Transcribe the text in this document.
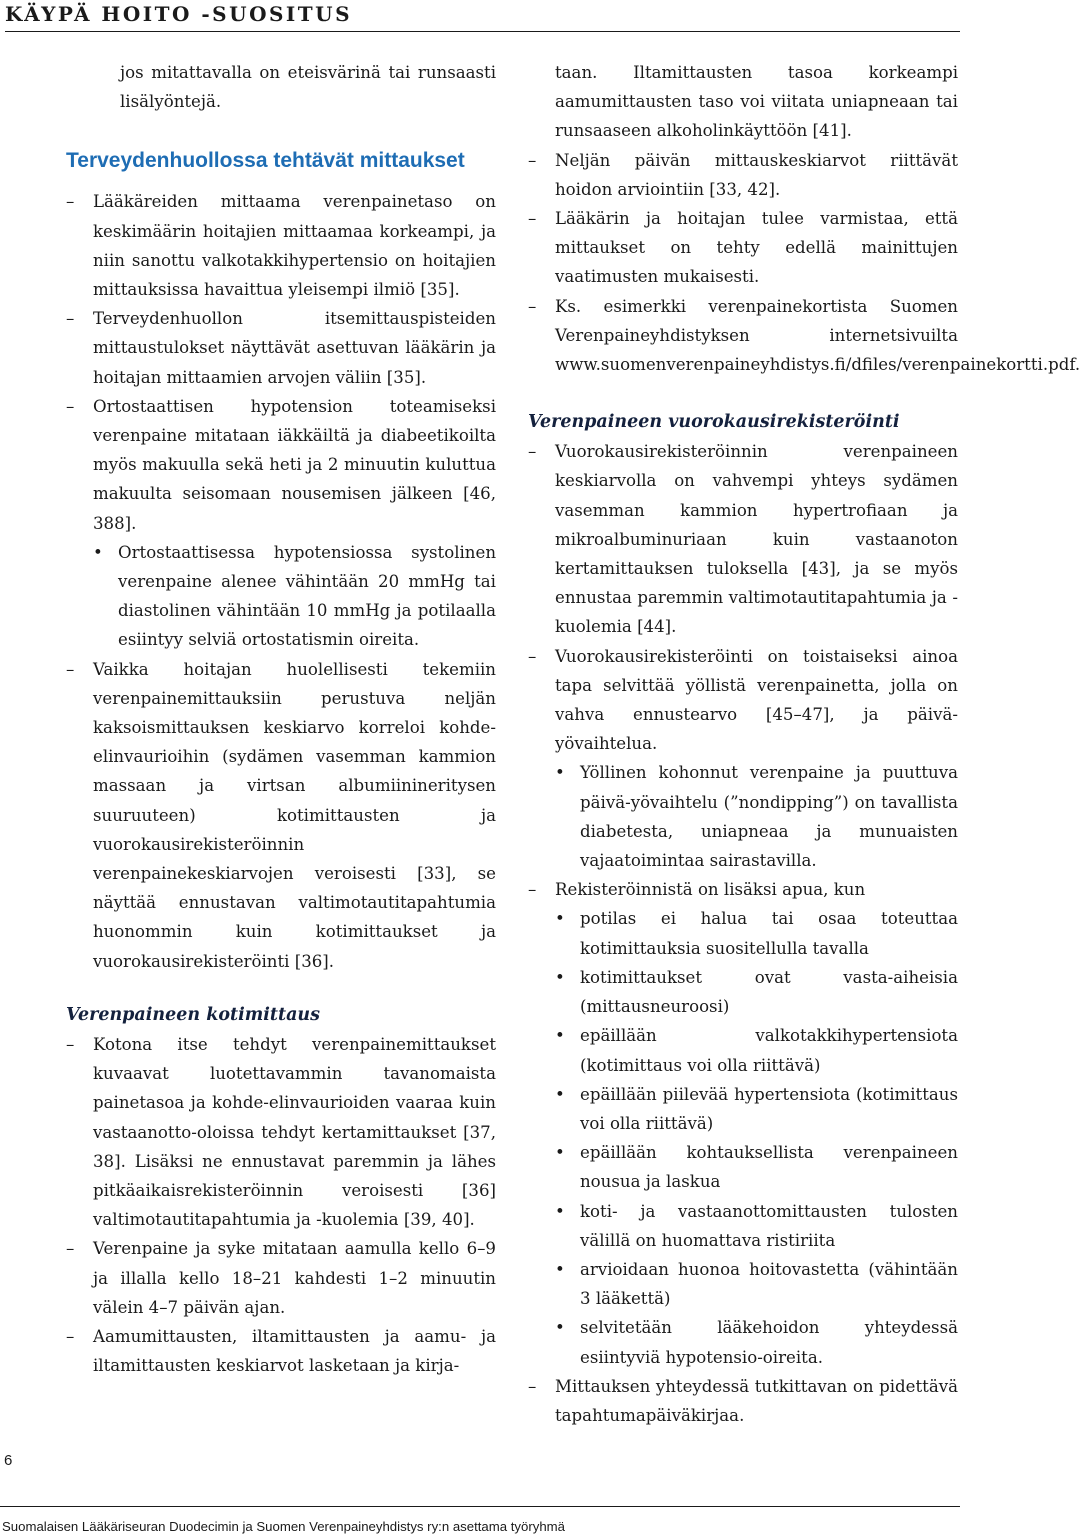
KÄYPÄ HOITO -SUOSITUS

jos mitattavalla on eteisvärinä tai runsaasti lisälyöntejä.

Terveydenhuollossa tehtävät mittaukset
– Lääkäreiden mittaama verenpainetaso on keskimäärin hoitajien mittaamaa korkeampi, ja niin sanottu valkotakkihypertensio on hoitajien mittauksissa havaittua yleisempi ilmiö [35].
– Terveydenhuollon itsemittauspisteiden mittaustulokset näyttävät asettuvan lääkärin ja hoitajan mittaamien arvojen väliin [35].
– Ortostaattisen hypotension toteamiseksi verenpaine mitataan iäkkäiltä ja diabeetikoilta myös makuulla sekä heti ja 2 minuutin kuluttua makuulta seisomaan nousemisen jälkeen [46, 388].
• Ortostaattisessa hypotensiossa systolinen verenpaine alenee vähintään 20 mmHg tai diastolinen vähintään 10 mmHg ja potilaalla esiintyy selviä ortostatismin oireita.
– Vaikka hoitajan huolellisesti tekemiin verenpainemittauksiin perustuva neljän kaksoismittauksen keskiarvo korreloi kohde-elinvaurioihin (sydämen vasemman kammion massaan ja virtsan albumiinineritysen suuruuteen) kotimittausten ja vuorokausirekisteröinnin verenpainekeskiarvojen veroisesti [33], se näyttää ennustavan valtimotautitapahtumia huonommin kuin kotimittaukset ja vuorokausirekisteröinti [36].
Verenpaineen kotimittaus
– Kotona itse tehdyt verenpainemittaukset kuvaavat luotettavammin tavanomaista painetasoa ja kohde-elinvaurioiden vaaraa kuin vastaanotto-oloissa tehdyt kertamittaukset [37, 38]. Lisäksi ne ennustavat paremmin ja lähes pitkäaikaisrekisteröinnin veroisesti [36] valtimotautitapahtumia ja -kuolemia [39, 40].
– Verenpaine ja syke mitataan aamulla kello 6–9 ja illalla kello 18–21 kahdesti 1–2 minuutin välein 4–7 päivän ajan.
– Aamumittausten, iltamittausten ja aamu- ja iltamittausten keskiarvot lasketaan ja kirja-

taan. Iltamittausten tasoa korkeampi aamumittausten taso voi viitata uniapneaan tai runsaaseen alkoholinkäyttöön [41].

– Neljän päivän mittauskeskiarvot riittävät hoidon arviointiin [33, 42].
– Lääkärin ja hoitajan tulee varmistaa, että mittaukset on tehty edellä mainittujen vaatimusten mukaisesti.
– Ks. esimerkki verenpainekortista Suomen Verenpaineyhdistyksen internetsivuilta www.suomenverenpaineyhdistys.fi/dfiles/verenpainekortti.pdf.
Verenpaineen vuorokausirekisteröinti
– Vuorokausirekisteröinnin verenpaineen keskiarvolla on vahvempi yhteys sydämen vasemman kammion hypertrofiaan ja mikroalbuminuriaan kuin vastaanoton kertamittauksen tuloksella [43], ja se myös ennustaa paremmin valtimotautitapahtumia ja -kuolemia [44].
– Vuorokausirekisteröinti on toistaiseksi ainoa tapa selvittää yöllistä verenpainetta, jolla on vahva ennustearvo [45–47], ja päivä-yövaihtelua.
• Yöllinen kohonnut verenpaine ja puuttuva päivä-yövaihtelu (”nondipping”) on tavallista diabetesta, uniapneaa ja munuaisten vajaatoimintaa sairastavilla.
– Rekisteröinnistä on lisäksi apua, kun
• potilas ei halua tai osaa toteuttaa kotimittauksia suositellulla tavalla
• kotimittaukset ovat vasta-aiheisia (mittausneuroosi)
• epäillään valkotakkihypertensiota (kotimittaus voi olla riittävä)
• epäillään piilevää hypertensiota (kotimittaus voi olla riittävä)
• epäillään kohtauksellista verenpaineen nousua ja laskua
• koti- ja vastaanottomittausten tulosten välillä on huomattava ristiriita
• arvioidaan huonoa hoitovastetta (vähintään 3 lääkettä)
• selvitetään lääkehoidon yhteydessä esiintyviä hypotensio-oireita.
– Mittauksen yhteydessä tutkittavan on pidettävä tapahtumapäiväkirjaa.
6
Suomalaisen Lääkäriseuran Duodecimin ja Suomen Verenpaineyhdistys ry:n asettama työryhmä
